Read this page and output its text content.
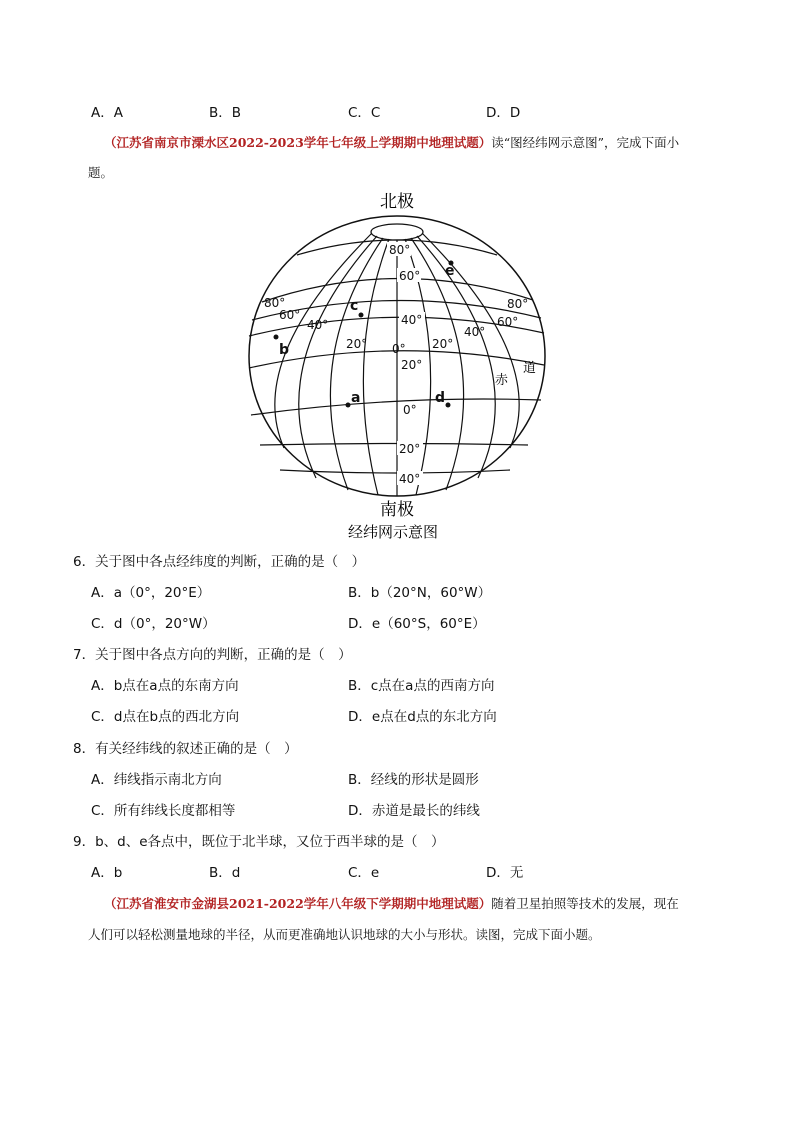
A．A	B．B	C．C	D．D
（江苏省南京市溧水区2022-2023学年七年级上学期期中地理试题）读“图经纬网示意图”，完成下面小
题。
北极
80°
60°
40°
20°
0°
20°
40°
0°
80°
60°
40°
20°
80°
60°
40°
20°
赤
道
a
b
c
d
e
南极
经纬网示意图
6．关于图中各点经纬度的判断，正确的是（　）
A．a（0°，20°E）	B．b（20°N，60°W）
C．d（0°，20°W）	D．e（60°S，60°E）
7．关于图中各点方向的判断，正确的是（　）
A．b点在a点的东南方向	B．c点在a点的西南方向
C．d点在b点的西北方向	D．e点在d点的东北方向
8．有关经纬线的叙述正确的是（　）
A．纬线指示南北方向	B．经线的形状是圆形
C．所有纬线长度都相等	D．赤道是最长的纬线
9．b、d、e各点中，既位于北半球，又位于西半球的是（　）
A．b	B．d	C．e	D．无
（江苏省淮安市金湖县2021-2022学年八年级下学期期中地理试题）随着卫星拍照等技术的发展，现在
人们可以轻松测量地球的半径，从而更准确地认识地球的大小与形状。读图，完成下面小题。
